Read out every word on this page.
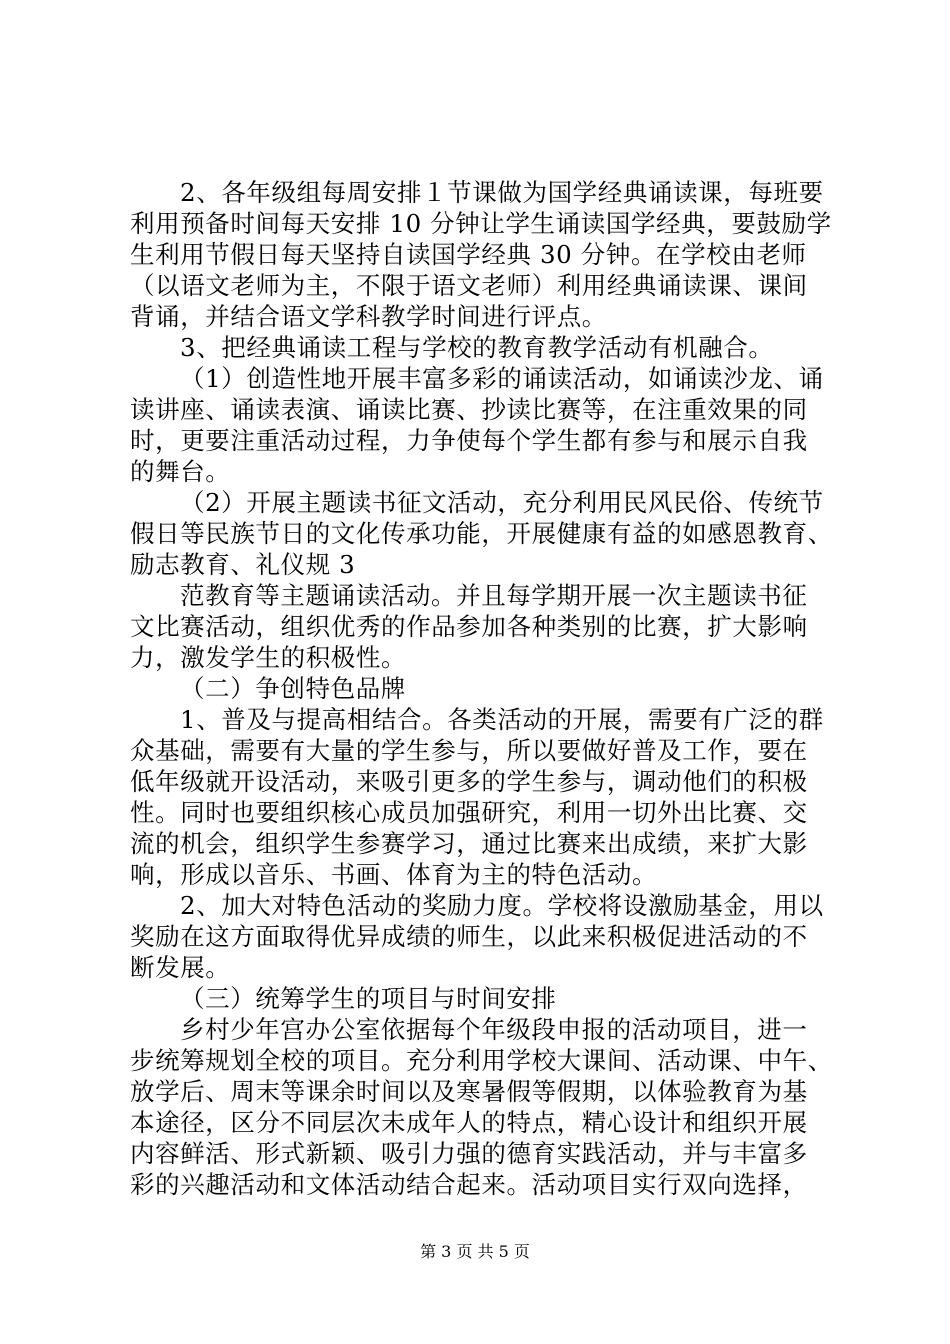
2、各年级组每周安排１节课做为国学经典诵读课，每班要
利用预备时间每天安排 10 分钟让学生诵读国学经典，要鼓励学
生利用节假日每天坚持自读国学经典 30 分钟。在学校由老师
（以语文老师为主，不限于语文老师）利用经典诵读课、课间
背诵，并结合语文学科教学时间进行评点。
3、把经典诵读工程与学校的教育教学活动有机融合。
（1）创造性地开展丰富多彩的诵读活动，如诵读沙龙、诵
读讲座、诵读表演、诵读比赛、抄读比赛等，在注重效果的同
时，更要注重活动过程，力争使每个学生都有参与和展示自我
的舞台。
（2）开展主题读书征文活动，充分利用民风民俗、传统节
假日等民族节日的文化传承功能，开展健康有益的如感恩教育、
励志教育、礼仪规 3
范教育等主题诵读活动。并且每学期开展一次主题读书征
文比赛活动，组织优秀的作品参加各种类别的比赛，扩大影响
力，激发学生的积极性。
（二）争创特色品牌
1、普及与提高相结合。各类活动的开展，需要有广泛的群
众基础，需要有大量的学生参与，所以要做好普及工作，要在
低年级就开设活动，来吸引更多的学生参与，调动他们的积极
性。同时也要组织核心成员加强研究，利用一切外出比赛、交
流的机会，组织学生参赛学习，通过比赛来出成绩，来扩大影
响，形成以音乐、书画、体育为主的特色活动。
2、加大对特色活动的奖励力度。学校将设激励基金，用以
奖励在这方面取得优异成绩的师生，以此来积极促进活动的不
断发展。
（三）统筹学生的项目与时间安排
乡村少年宫办公室依据每个年级段申报的活动项目，进一
步统筹规划全校的项目。充分利用学校大课间、活动课、中午、
放学后、周末等课余时间以及寒暑假等假期，以体验教育为基
本途径，区分不同层次未成年人的特点，精心设计和组织开展
内容鲜活、形式新颖、吸引力强的德育实践活动，并与丰富多
彩的兴趣活动和文体活动结合起来。活动项目实行双向选择，
第 3 页 共 5 页
